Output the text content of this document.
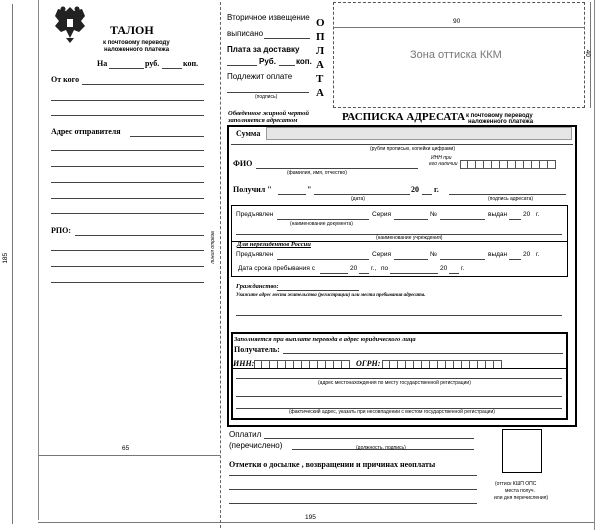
185
195
65
ТАЛОН
к почтовому переводу
наложенного платежа
На	руб.	коп.
От кого
Адрес отправителя
РПО:
линия отреза
Вторичное извещение
выписано
Плата за доставку
Руб.	коп.
Подлежит оплате
(подпись)
О
П
Л
А
Т
А
Обведенное жирной чертой
заполняется адресатом
Зона оттиска ККМ
90
40
РАСПИСКА АДРЕСАТА к почтовому переводу
наложенного платежа
Сумма
(рубли прописью, копейки цифрами)
ФИО
(фамилия, имя, отчество)
ИНН при
его наличии
Получил "	"	20 г.
(дата)	(подпись адресата)
Предъявлен	Серия	№	выдан 20 г.
(наименование документа)
(наименование учреждения)
Для нерезидентов России
Предъявлен	Серия	№	выдан 20 г.
Дата срока пребывания с	20 г., по	20 г.
Гражданство:
Укажите адрес места жительства (регистрации) или места пребывания адресата.
Заполняется при выплате перевода в адрес юридического лица
Получатель:
ИНН:	ОГРН:
(адрес местонахождения по месту государственной регистрации)
(фактический адрес, указать при несовпадении с местом государственной регистрации)
Оплатил
(перечислено)	(должность, подпись)
Отметки о досылке , возвращении и причинах неоплаты
(оттиск КШП ОПС
места получ.
или дня перечисления)
